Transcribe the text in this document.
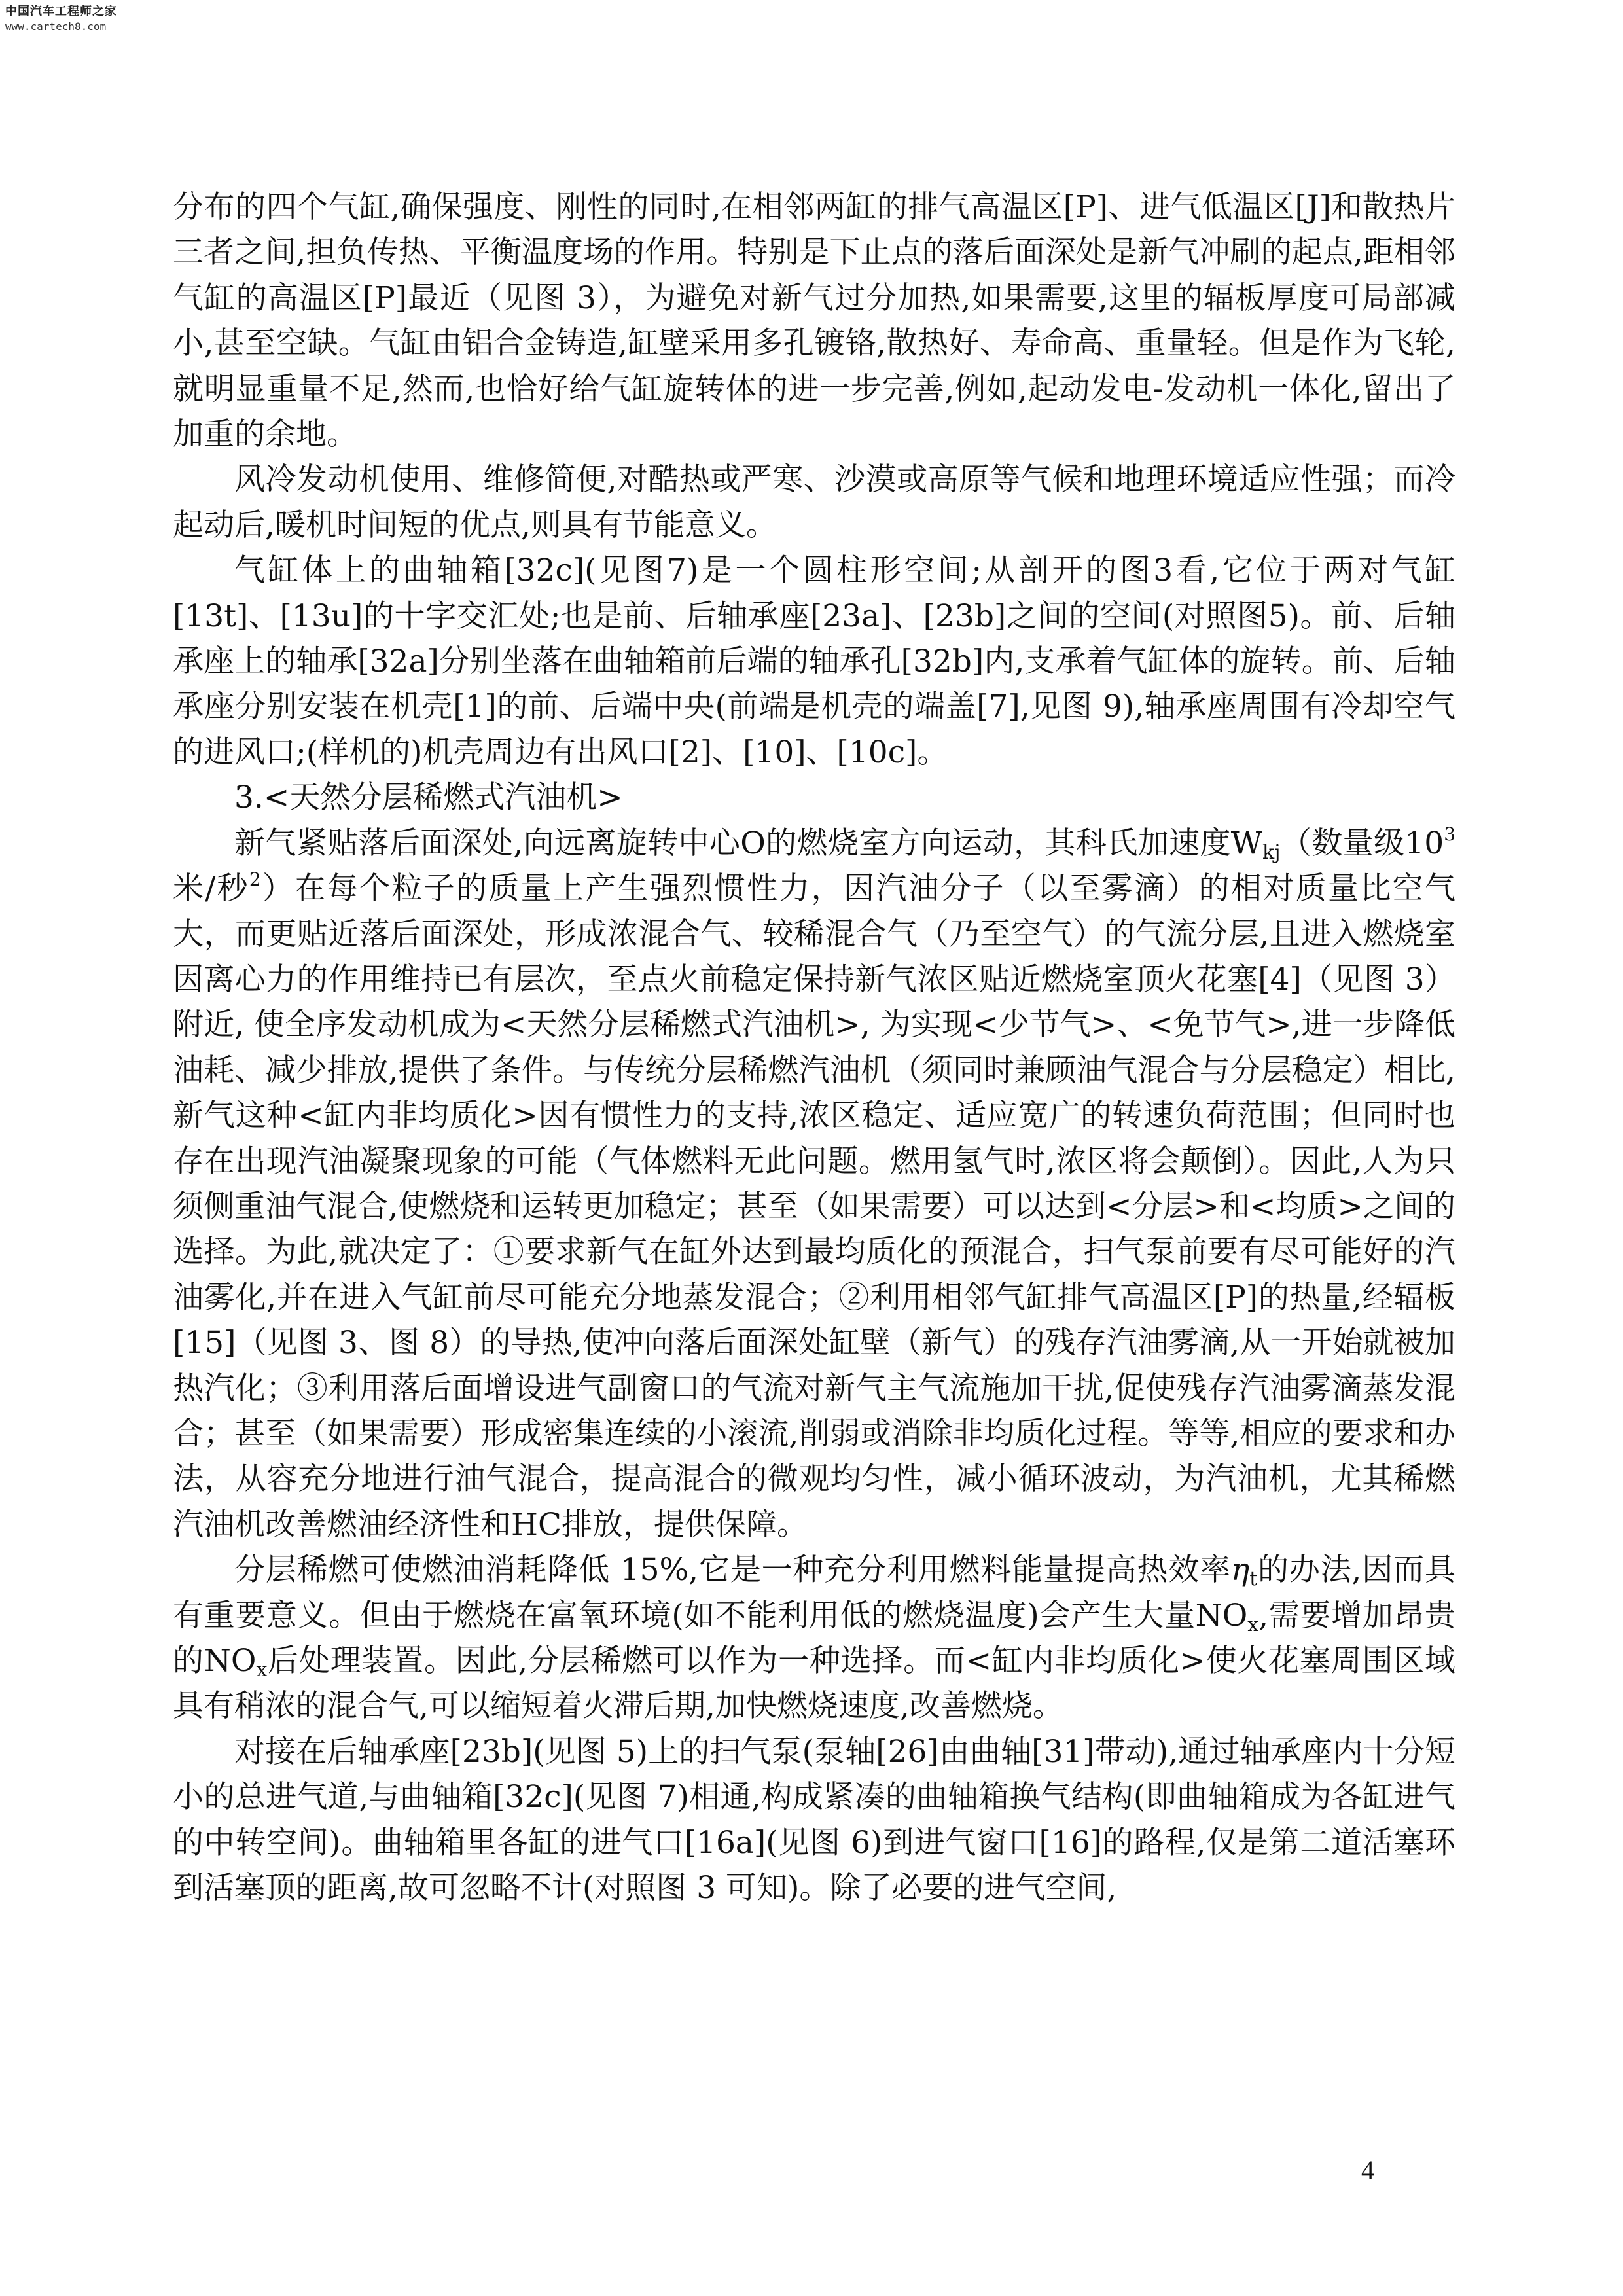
中国汽车工程师之家
www.cartech8.com

分布的四个气缸,确保强度、刚性的同时,在相邻两缸的排气高温区[P]、进气低温区[J]和散热片三者之间,担负传热、平衡温度场的作用。特别是下止点的落后面深处是新气冲刷的起点,距相邻气缸的高温区[P]最近（见图 3），为避免对新气过分加热,如果需要,这里的辐板厚度可局部减小,甚至空缺。气缸由铝合金铸造,缸壁采用多孔镀铬,散热好、寿命高、重量轻。但是作为飞轮,就明显重量不足,然而,也恰好给气缸旋转体的进一步完善,例如,起动发电-发动机一体化,留出了加重的余地。

风冷发动机使用、维修简便,对酷热或严寒、沙漠或高原等气候和地理环境适应性强；而冷起动后,暖机时间短的优点,则具有节能意义。

气缸体上的曲轴箱[32c](见图7)是一个圆柱形空间;从剖开的图3看,它位于两对气缸[13t]、[13u]的十字交汇处;也是前、后轴承座[23a]、[23b]之间的空间(对照图5)。前、后轴承座上的轴承[32a]分别坐落在曲轴箱前后端的轴承孔[32b]内,支承着气缸体的旋转。前、后轴承座分别安装在机壳[1]的前、后端中央(前端是机壳的端盖[7],见图 9),轴承座周围有冷却空气的进风口;(样机的)机壳周边有出风口[2]、[10]、[10c]。

3.<天然分层稀燃式汽油机>

新气紧贴落后面深处,向远离旋转中心O的燃烧室方向运动，其科氏加速度$W_{kj}$（数量级$10^3$米/秒$^2$）在每个粒子的质量上产生强烈惯性力，因汽油分子（以至雾滴）的相对质量比空气大，而更贴近落后面深处，形成浓混合气、较稀混合气（乃至空气）的气流分层,且进入燃烧室因离心力的作用维持已有层次，至点火前稳定保持新气浓区贴近燃烧室顶火花塞[4]（见图 3）附近, 使全序发动机成为<天然分层稀燃式汽油机>, 为实现<少节气>、<免节气>,进一步降低油耗、减少排放,提供了条件。与传统分层稀燃汽油机（须同时兼顾油气混合与分层稳定）相比,新气这种<缸内非均质化>因有惯性力的支持,浓区稳定、适应宽广的转速负荷范围；但同时也存在出现汽油凝聚现象的可能（气体燃料无此问题。燃用氢气时,浓区将会颠倒）。因此,人为只须侧重油气混合,使燃烧和运转更加稳定；甚至（如果需要）可以达到<分层>和<均质>之间的选择。为此,就决定了：①要求新气在缸外达到最均质化的预混合，扫气泵前要有尽可能好的汽油雾化,并在进入气缸前尽可能充分地蒸发混合；②利用相邻气缸排气高温区[P]的热量,经辐板[15]（见图 3、图 8）的导热,使冲向落后面深处缸壁（新气）的残存汽油雾滴,从一开始就被加热汽化；③利用落后面增设进气副窗口的气流对新气主气流施加干扰,促使残存汽油雾滴蒸发混合；甚至（如果需要）形成密集连续的小滚流,削弱或消除非均质化过程。等等,相应的要求和办法，从容充分地进行油气混合，提高混合的微观均匀性，减小循环波动，为汽油机，尤其稀燃汽油机改善燃油经济性和HC排放，提供保障。

分层稀燃可使燃油消耗降低 15%,它是一种充分利用燃料能量提高热效率$\eta_t$的办法,因而具有重要意义。但由于燃烧在富氧环境(如不能利用低的燃烧温度)会产生大量$NO_x$,需要增加昂贵的$NO_x$后处理装置。因此,分层稀燃可以作为一种选择。而<缸内非均质化>使火花塞周围区域具有稍浓的混合气,可以缩短着火滞后期,加快燃烧速度,改善燃烧。

对接在后轴承座[23b](见图 5)上的扫气泵(泵轴[26]由曲轴[31]带动),通过轴承座内十分短小的总进气道,与曲轴箱[32c](见图 7)相通,构成紧凑的曲轴箱换气结构(即曲轴箱成为各缸进气的中转空间)。曲轴箱里各缸的进气口[16a](见图 6)到进气窗口[16]的路程,仅是第二道活塞环到活塞顶的距离,故可忽略不计(对照图 3 可知)。除了必要的进气空间,

4
